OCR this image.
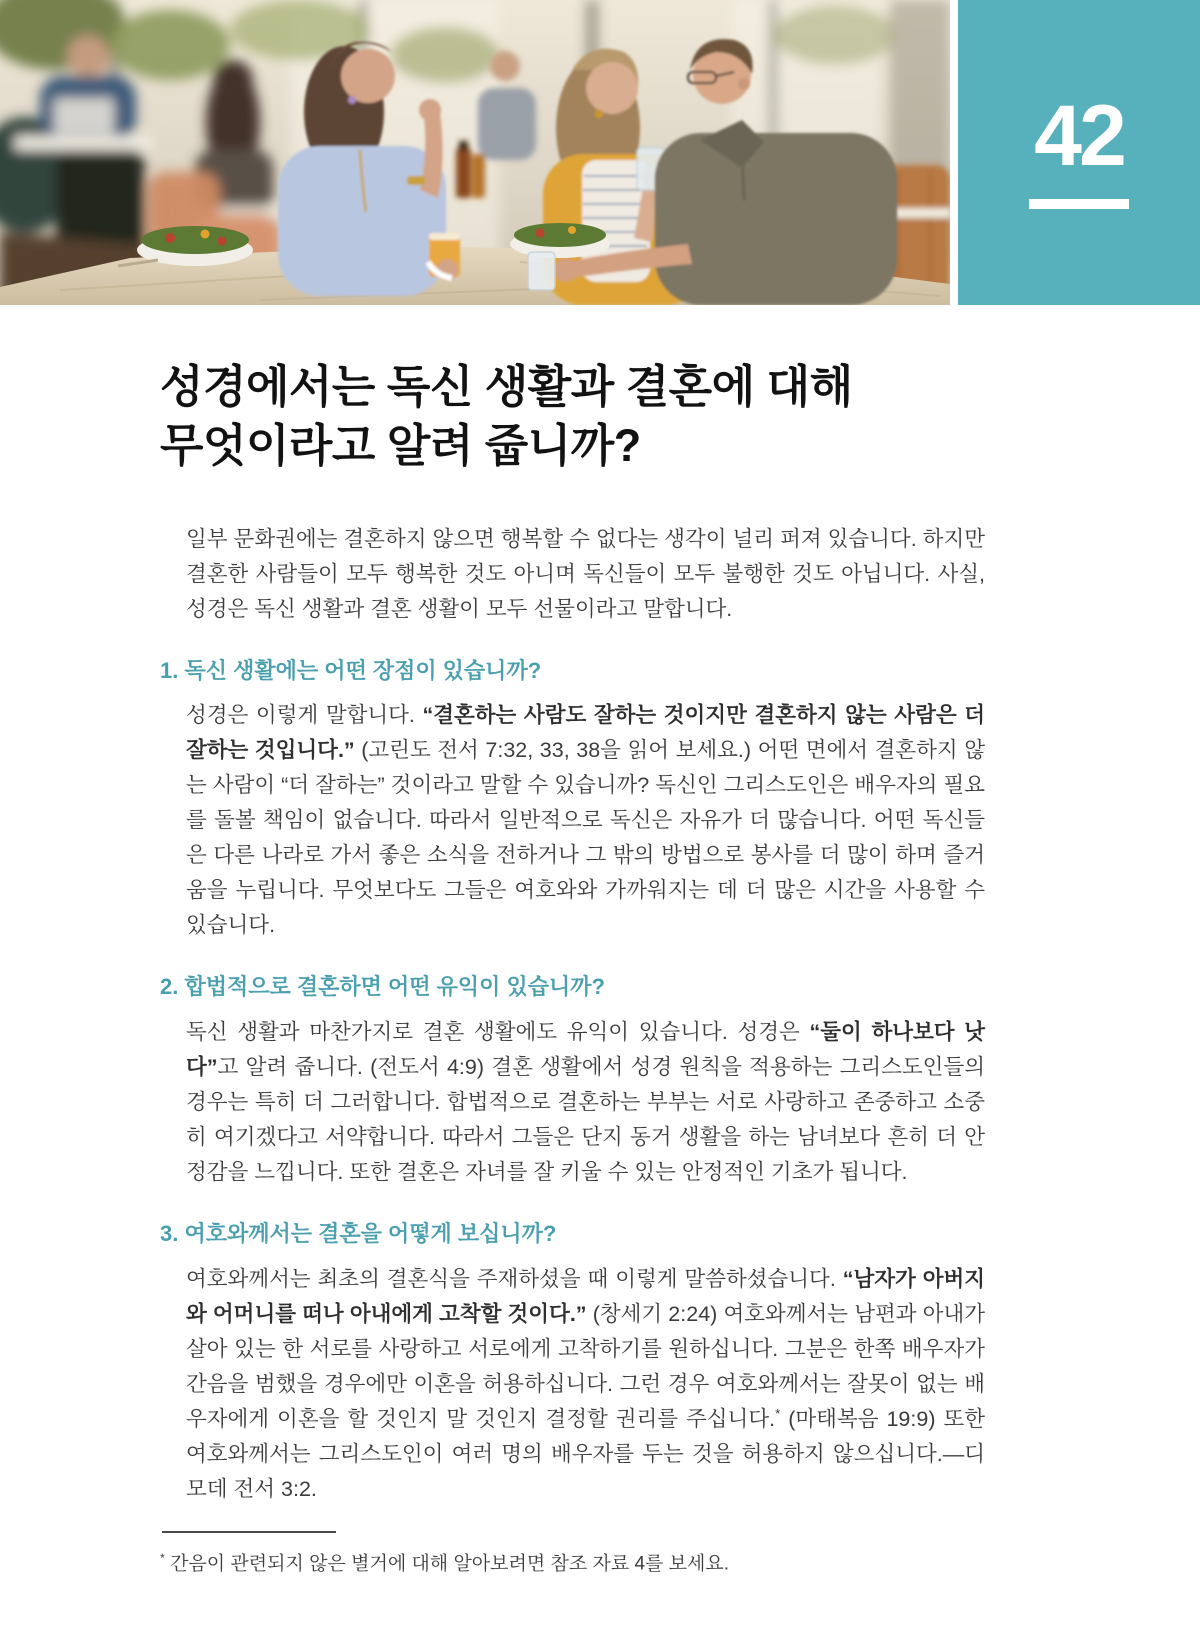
42
성경에서는 독신 생활과 결혼에 대해
무엇이라고 알려 줍니까?

일부 문화권에는 결혼하지 않으면 행복할 수 없다는 생각이 널리 퍼져 있습니다. 하지만 결혼한 사람들이 모두 행복한 것도 아니며 독신들이 모두 불행한 것도 아닙니다. 사실, 성경은 독신 생활과 결혼 생활이 모두 선물이라고 말합니다.

1. 독신 생활에는 어떤 장점이 있습니까?

성경은 이렇게 말합니다. “결혼하는 사람도 잘하는 것이지만 결혼하지 않는 사람은 더 잘하는 것입니다.” (고린도 전서 7:32, 33, 38을 읽어 보세요.) 어떤 면에서 결혼하지 않는 사람이 “더 잘하는” 것이라고 말할 수 있습니까? 독신인 그리스도인은 배우자의 필요를 돌볼 책임이 없습니다. 따라서 일반적으로 독신은 자유가 더 많습니다. 어떤 독신들은 다른 나라로 가서 좋은 소식을 전하거나 그 밖의 방법으로 봉사를 더 많이 하며 즐거움을 누립니다. 무엇보다도 그들은 여호와와 가까워지는 데 더 많은 시간을 사용할 수 있습니다.

2. 합법적으로 결혼하면 어떤 유익이 있습니까?

독신 생활과 마찬가지로 결혼 생활에도 유익이 있습니다. 성경은 “둘이 하나보다 낫다”고 알려 줍니다. (전도서 4:9) 결혼 생활에서 성경 원칙을 적용하는 그리스도인들의 경우는 특히 더 그러합니다. 합법적으로 결혼하는 부부는 서로 사랑하고 존중하고 소중히 여기겠다고 서약합니다. 따라서 그들은 단지 동거 생활을 하는 남녀보다 흔히 더 안정감을 느낍니다. 또한 결혼은 자녀를 잘 키울 수 있는 안정적인 기초가 됩니다.

3. 여호와께서는 결혼을 어떻게 보십니까?

여호와께서는 최초의 결혼식을 주재하셨을 때 이렇게 말씀하셨습니다. “남자가 아버지와 어머니를 떠나 아내에게 고착할 것이다.” (창세기 2:24) 여호와께서는 남편과 아내가 살아 있는 한 서로를 사랑하고 서로에게 고착하기를 원하십니다. 그분은 한쪽 배우자가 간음을 범했을 경우에만 이혼을 허용하십니다. 그런 경우 여호와께서는 잘못이 없는 배우자에게 이혼을 할 것인지 말 것인지 결정할 권리를 주십니다.* (마태복음 19:9) 또한 여호와께서는 그리스도인이 여러 명의 배우자를 두는 것을 허용하지 않으십니다.—디모데 전서 3:2.

* 간음이 관련되지 않은 별거에 대해 알아보려면 참조 자료 4를 보세요.
